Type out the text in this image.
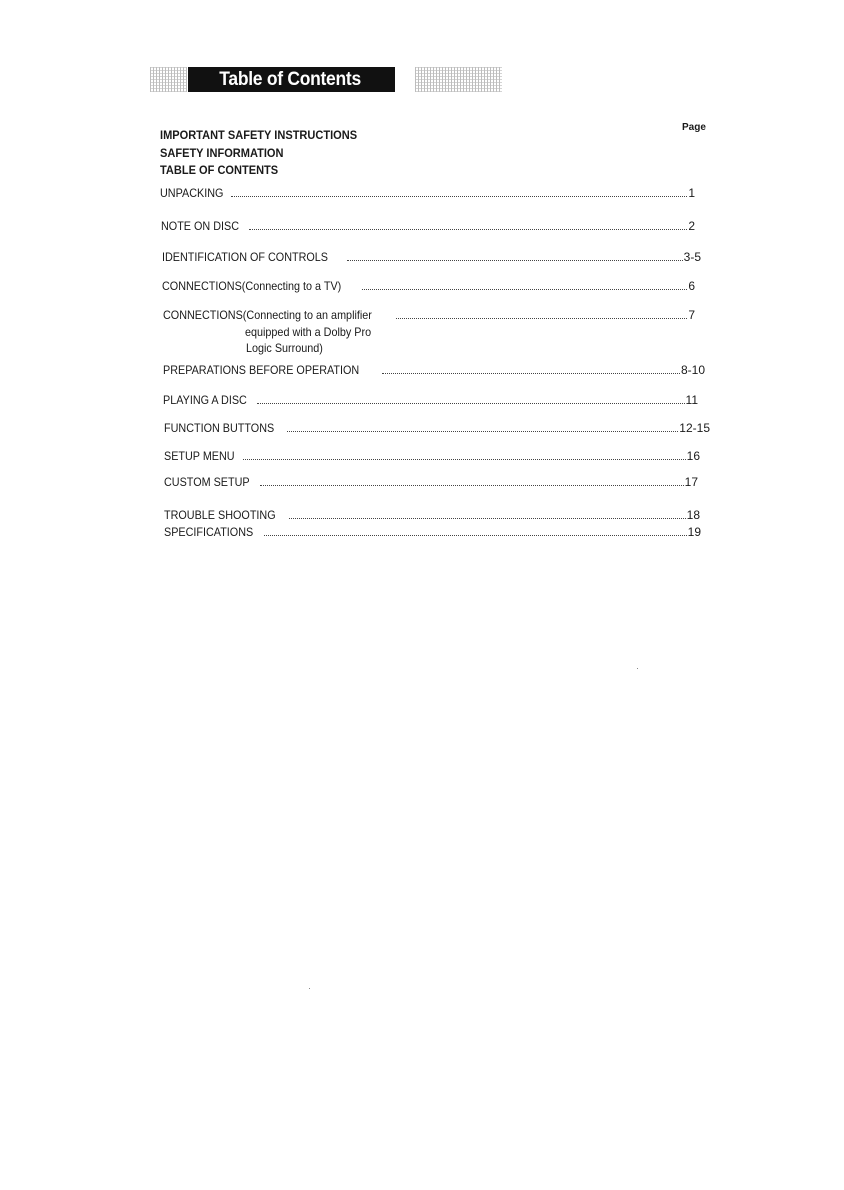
Table of Contents
Page
IMPORTANT SAFETY INSTRUCTIONS
SAFETY INFORMATION
TABLE OF CONTENTS
UNPACKING	1
NOTE ON DISC	2
IDENTIFICATION OF CONTROLS	3-5
CONNECTIONS(Connecting to a TV)	6
CONNECTIONS(Connecting to an amplifier	7
equipped with a Dolby Pro
Logic Surround)
PREPARATIONS BEFORE OPERATION	8-10
PLAYING A DISC	11
FUNCTION BUTTONS	12-15
SETUP MENU	16
CUSTOM SETUP	17
TROUBLE SHOOTING	18
SPECIFICATIONS	19
